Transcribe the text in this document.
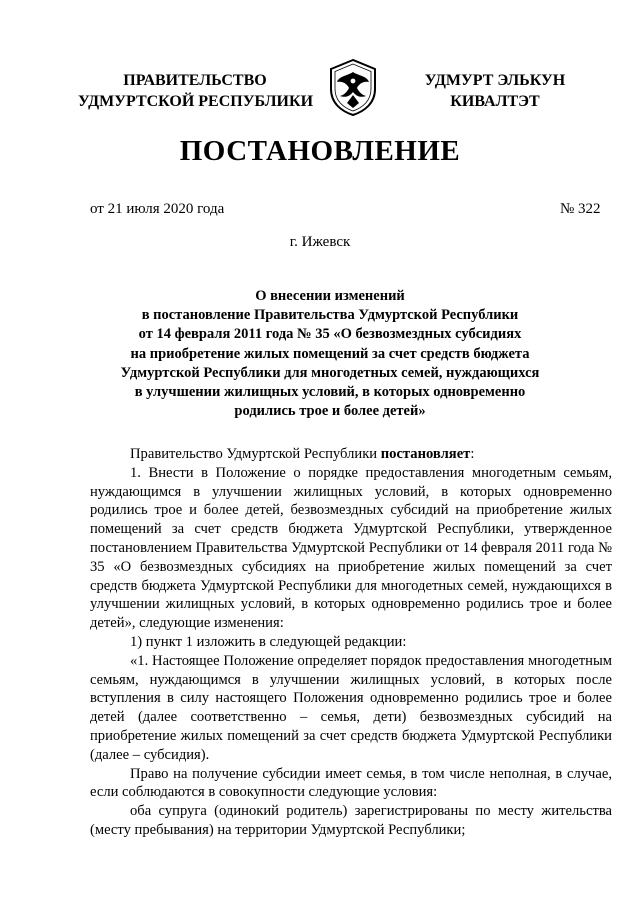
ПРАВИТЕЛЬСТВО
УДМУРТСКОЙ РЕСПУБЛИКИ
УДМУРТ ЭЛЬКУН
КИВАЛТЭТ
ПОСТАНОВЛЕНИЕ
от 21 июля 2020 года	№ 322
г. Ижевск
О внесении изменений
в постановление Правительства Удмуртской Республики
от 14 февраля 2011 года № 35 «О безвозмездных субсидиях
на приобретение жилых помещений за счет средств бюджета
Удмуртской Республики для многодетных семей, нуждающихся
в улучшении жилищных условий, в которых одновременно
родились трое и более детей»

Правительство Удмуртской Республики постановляет:

1. Внести в Положение о порядке предоставления многодетным семьям, нуждающимся в улучшении жилищных условий, в которых одновременно родились трое и более детей, безвозмездных субсидий на приобретение жилых помещений за счет средств бюджета Удмуртской Республики, утвержденное постановлением Правительства Удмуртской Республики от 14 февраля 2011 года № 35 «О безвозмездных субсидиях на приобретение жилых помещений за счет средств бюджета Удмуртской Республики для многодетных семей, нуждающихся в улучшении жилищных условий, в которых одновременно родились трое и более детей», следующие изменения:

1) пункт 1 изложить в следующей редакции:

«1. Настоящее Положение определяет порядок предоставления многодетным семьям, нуждающимся в улучшении жилищных условий, в которых после вступления в силу настоящего Положения одновременно родились трое и более детей (далее соответственно – семья, дети) безвозмездных субсидий на приобретение жилых помещений за счет средств бюджета Удмуртской Республики (далее – субсидия).

Право на получение субсидии имеет семья, в том числе неполная, в случае, если соблюдаются в совокупности следующие условия:

оба супруга (одинокий родитель) зарегистрированы по месту жительства (месту пребывания) на территории Удмуртской Республики;
